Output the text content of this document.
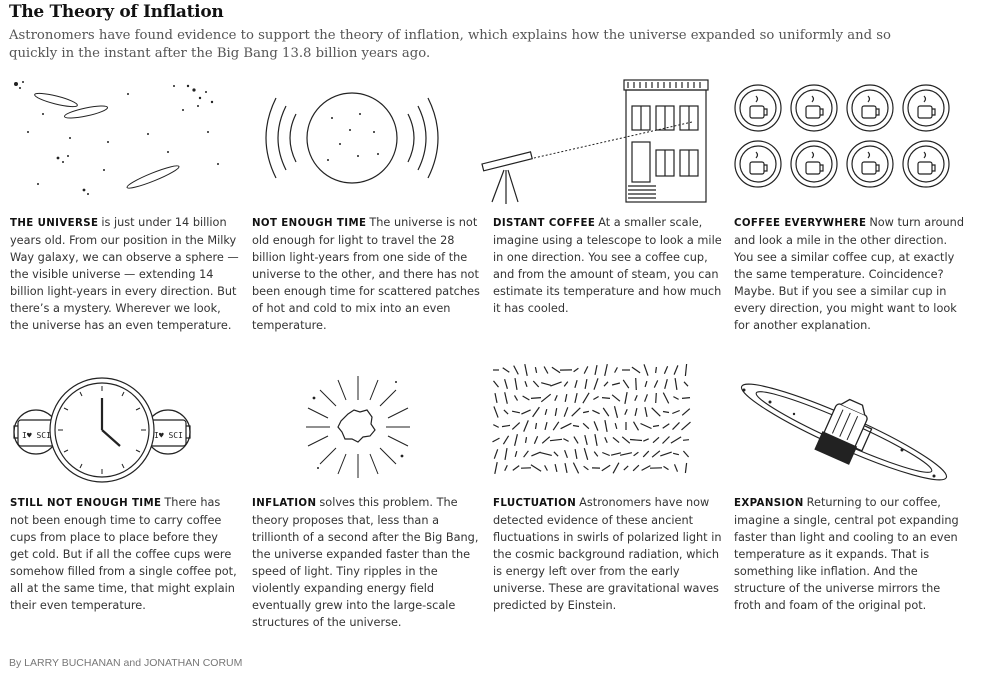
The Theory of Inflation
Astronomers have found evidence to support the theory of inflation, which explains how the universe expanded so uniformly and so quickly in the instant after the Big Bang 13.8 billion years ago.
THE UNIVERSE is just under 14 billion years old. From our position in the Milky Way galaxy, we can observe a sphere — the visible universe — extending 14 billion light-years in every direction. But there’s a mystery. Wherever we look, the universe has an even temperature.
NOT ENOUGH TIME The universe is not old enough for light to travel the 28 billion light-years from one side of the universe to the other, and there has not been enough time for scattered patches of hot and cold to mix into an even temperature.
DISTANT COFFEE At a smaller scale, imagine using a telescope to look a mile in one direction. You see a coffee cup, and from the amount of steam, you can estimate its temperature and how much it has cooled.
COFFEE EVERYWHERE Now turn around and look a mile in the other direction. You see a similar coffee cup, at exactly the same temperature. Coincidence? Maybe. But if you see a similar cup in every direction, you might want to look for another explanation.
I♥ SCI	I♥ SCI
STILL NOT ENOUGH TIME There has not been enough time to carry coffee cups from place to place before they get cold. But if all the coffee cups were somehow filled from a single coffee pot, all at the same time, that might explain their even temperature.
INFLATION solves this problem. The theory proposes that, less than a trillionth of a second after the Big Bang, the universe expanded faster than the speed of light. Tiny ripples in the violently expanding energy field eventually grew into the large-scale structures of the universe.
FLUCTUATION Astronomers have now detected evidence of these ancient fluctuations in swirls of polarized light in the cosmic background radiation, which is energy left over from the early universe. These are gravitational waves predicted by Einstein.
EXPANSION Returning to our coffee, imagine a single, central pot expanding faster than light and cooling to an even temperature as it expands. That is something like inflation. And the structure of the universe mirrors the froth and foam of the original pot.
By LARRY BUCHANAN and JONATHAN CORUM
